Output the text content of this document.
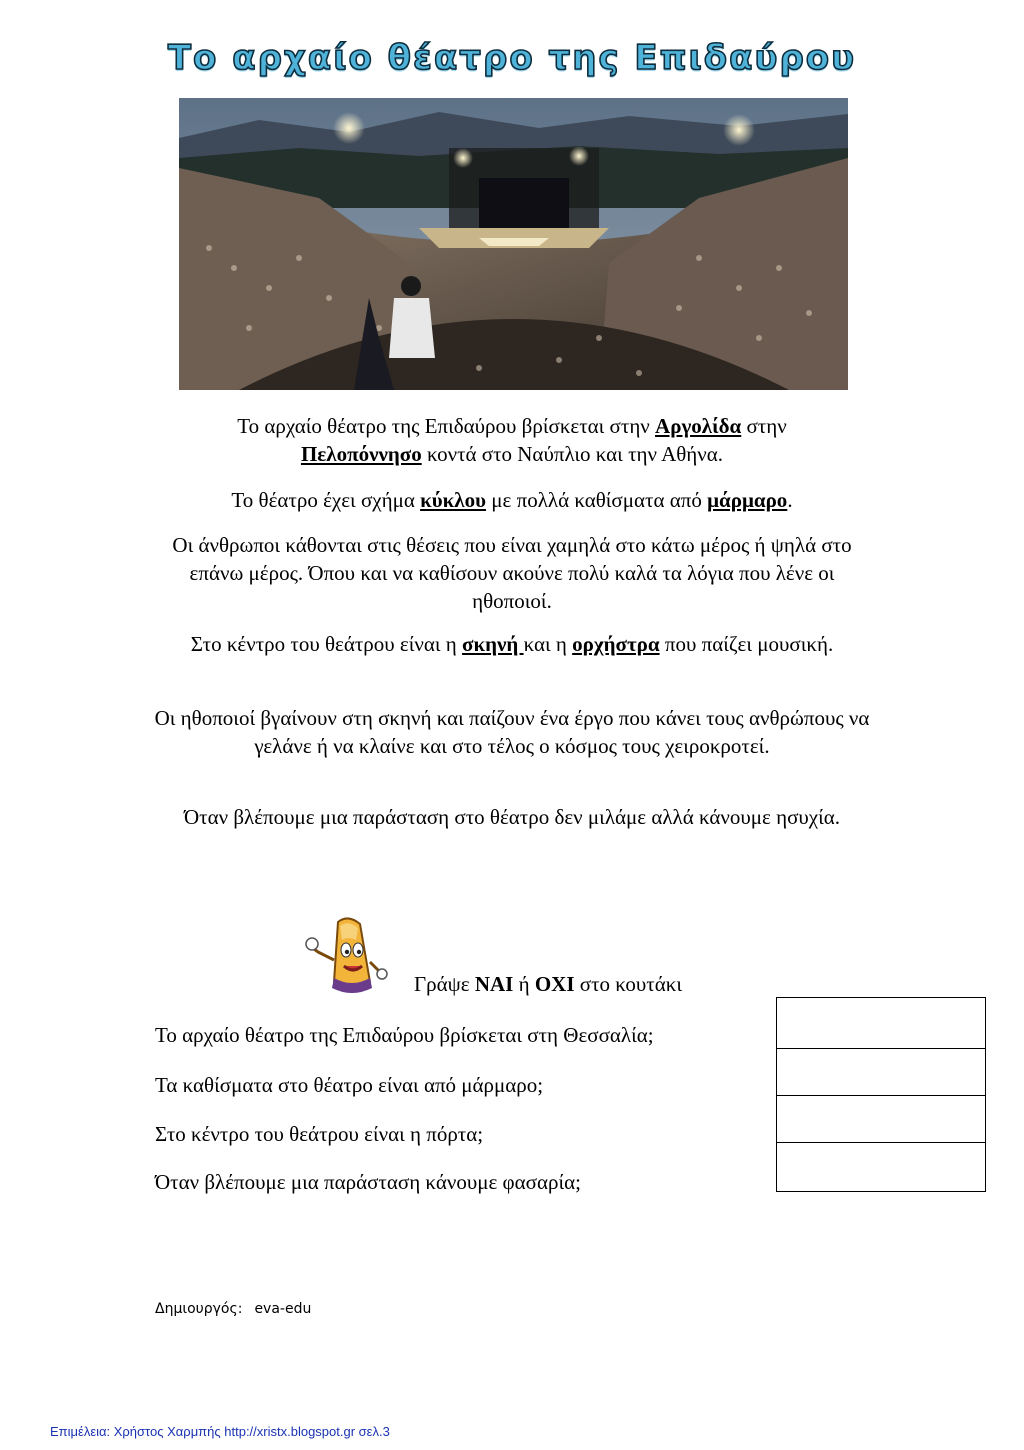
Το αρχαίο θέατρο της Επιδαύρου
Το αρχαίο θέατρο της Επιδαύρου βρίσκεται στην Αργολίδα στην
Πελοπόννησο κοντά στο Ναύπλιο και την Αθήνα.
Το θέατρο έχει σχήμα κύκλου με πολλά καθίσματα από μάρμαρο.
Οι άνθρωποι κάθονται στις θέσεις που είναι χαμηλά στο κάτω μέρος ή ψηλά στο επάνω μέρος. Όπου και να καθίσουν ακούνε πολύ καλά τα λόγια που λένε οι ηθοποιοί.
Στο κέντρο του θεάτρου είναι η σκηνή και η ορχήστρα που παίζει μουσική.
Οι ηθοποιοί βγαίνουν στη σκηνή και παίζουν ένα έργο που κάνει τους ανθρώπους να γελάνε ή να κλαίνε και στο τέλος ο κόσμος τους χειροκροτεί.
Όταν βλέπουμε μια παράσταση στο θέατρο δεν μιλάμε αλλά κάνουμε ησυχία.
Γράψε ΝΑΙ ή ΟΧΙ στο κουτάκι
Το αρχαίο θέατρο της Επιδαύρου βρίσκεται στη Θεσσαλία;
Τα καθίσματα στο θέατρο είναι από μάρμαρο;
Στο κέντρο του θεάτρου είναι η πόρτα;
Όταν βλέπουμε μια παράσταση κάνουμε φασαρία;
Δημιουργός: eva-edu
Επιμέλεια: Χρήστος Χαρμπής http://xristx.blogspot.gr σελ.3
